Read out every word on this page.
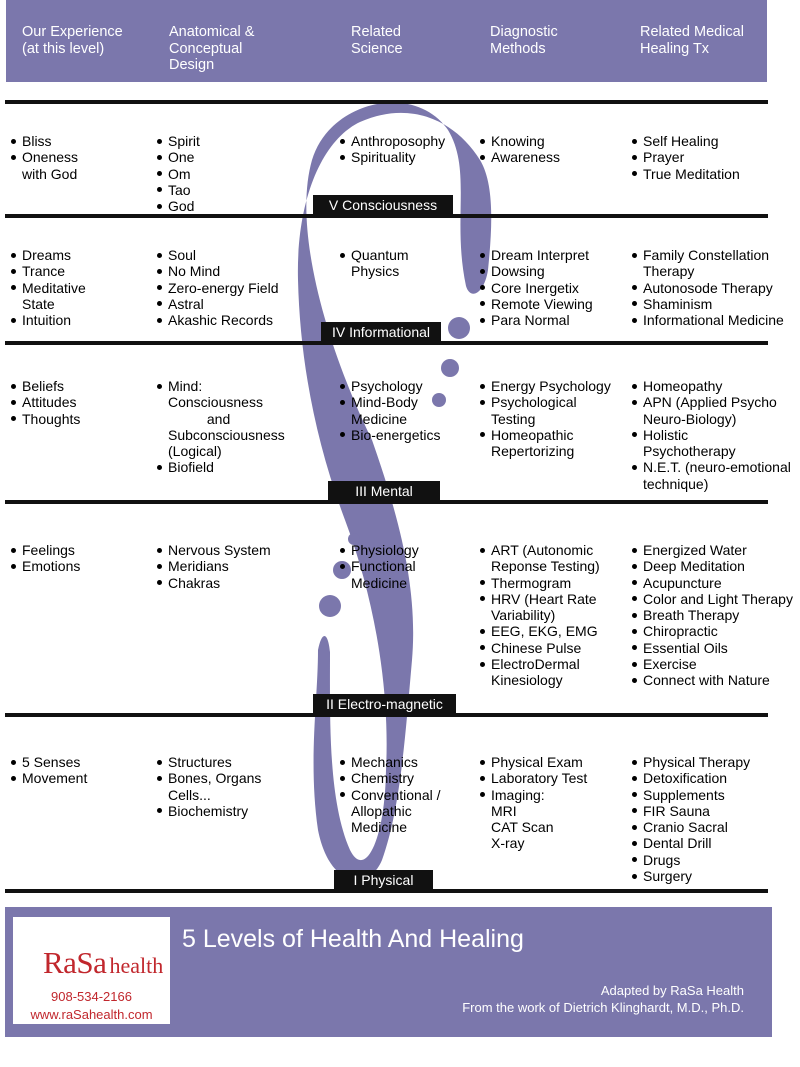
Our Experience
(at this level)
Anatomical &
Conceptual
Design
Related
Science
Diagnostic
Methods
Related Medical
Healing Tx
Bliss
Oneness
with God
Spirit
One
Om
Tao
God
Anthroposophy
Spirituality
Knowing
Awareness
Self Healing
Prayer
True Meditation
V Consciousness
Dreams
Trance
Meditative
State
Intuition
Soul
No Mind
Zero-energy Field
Astral
Akashic Records
Quantum
Physics
Dream Interpret
Dowsing
Core Inergetix
Remote Viewing
Para Normal
Family Constellation
Therapy
Autonosode Therapy
Shaminism
Informational Medicine
IV Informational
Beliefs
Attitudes
Thoughts
Mind:
Consciousness
and
Subconsciousness
(Logical)
Biofield
Psychology
Mind-Body
Medicine
Bio-energetics
Energy Psychology
Psychological
Testing
Homeopathic
Repertorizing
Homeopathy
APN (Applied Psycho
Neuro-Biology)
Holistic
Psychotherapy
N.E.T. (neuro-emotional
technique)
III Mental
Feelings
Emotions
Nervous System
Meridians
Chakras
Physiology
Functional
Medicine
ART (Autonomic
Reponse Testing)
Thermogram
HRV (Heart Rate
Variability)
EEG, EKG, EMG
Chinese Pulse
ElectroDermal
Kinesiology
Energized Water
Deep Meditation
Acupuncture
Color and Light Therapy
Breath Therapy
Chiropractic
Essential Oils
Exercise
Connect with Nature
II Electro-magnetic
5 Senses
Movement
Structures
Bones, Organs
Cells...
Biochemistry
Mechanics
Chemistry
Conventional /
Allopathic
Medicine
Physical Exam
Laboratory Test
Imaging:
MRI
CAT Scan
X-ray
Physical Therapy
Detoxification
Supplements
FIR Sauna
Cranio Sacral
Dental Drill
Drugs
Surgery
I Physical
RaSa health
908-534-2166
www.raSahealth.com
5 Levels of Health And Healing
Adapted by RaSa Health
From the work of Dietrich Klinghardt, M.D., Ph.D.
